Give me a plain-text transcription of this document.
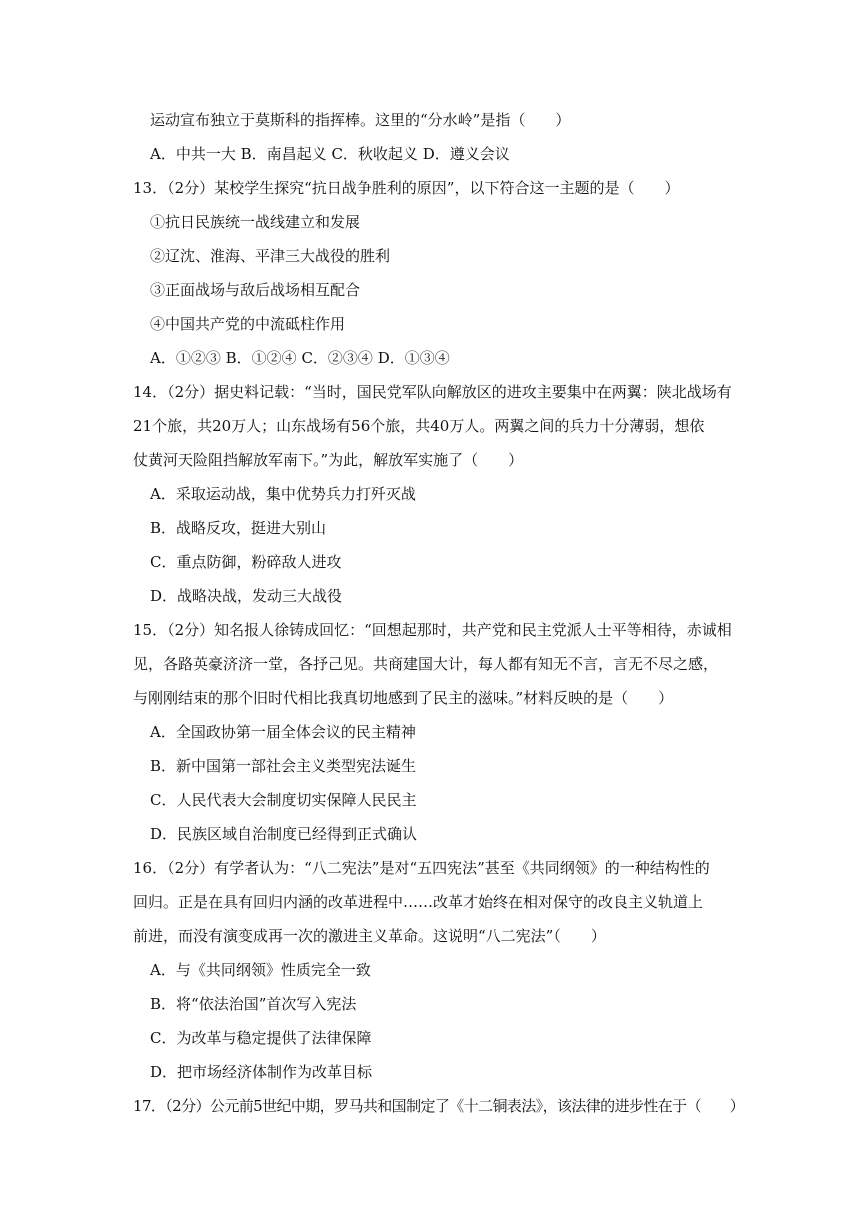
运动宣布独立于莫斯科的指挥棒。这里的“分水岭”是指（　　）
A．中共一大 B．南昌起义 C．秋收起义 D．遵义会议
13．（2分）某校学生探究“抗日战争胜利的原因”，以下符合这一主题的是（　　）
①抗日民族统一战线建立和发展
②辽沈、淮海、平津三大战役的胜利
③正面战场与敌后战场相互配合
④中国共产党的中流砥柱作用
A．①②③ B．①②④ C．②③④ D．①③④
14．（2分）据史料记载：“当时，国民党军队向解放区的进攻主要集中在两翼：陕北战场有
21个旅，共20万人；山东战场有56个旅，共40万人。两翼之间的兵力十分薄弱，想依
仗黄河天险阻挡解放军南下。”为此，解放军实施了（　　）
A．采取运动战，集中优势兵力打歼灭战
B．战略反攻，挺进大别山
C．重点防御，粉碎敌人进攻
D．战略决战，发动三大战役
15．（2分）知名报人徐铸成回忆：“回想起那时，共产党和民主党派人士平等相待，赤诚相
见，各路英豪济济一堂，各抒己见。共商建国大计，每人都有知无不言，言无不尽之感，
与刚刚结束的那个旧时代相比我真切地感到了民主的滋味。”材料反映的是（　　）
A．全国政协第一届全体会议的民主精神
B．新中国第一部社会主义类型宪法诞生
C．人民代表大会制度切实保障人民民主
D．民族区域自治制度已经得到正式确认
16．（2分）有学者认为：“八二宪法”是对“五四宪法”甚至《共同纲领》的一种结构性的
回归。正是在具有回归内涵的改革进程中……改革才始终在相对保守的改良主义轨道上
前进，而没有演变成再一次的激进主义革命。这说明“八二宪法”（　　）
A．与《共同纲领》性质完全一致
B．将“依法治国”首次写入宪法
C．为改革与稳定提供了法律保障
D．把市场经济体制作为改革目标
17．（2分）公元前5世纪中期，罗马共和国制定了《十二铜表法》，该法律的进步性在于（　　）
